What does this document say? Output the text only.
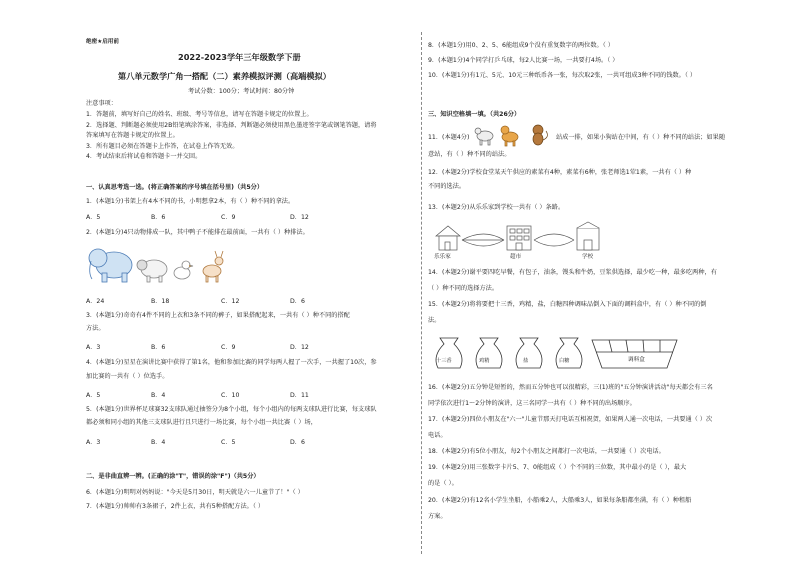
绝密★启用前
2022-2023学年三年级数学下册
第八单元数学广角一搭配（二）素养模拟评测（高端模拟）
考试分数：100分；考试时间：80分钟
注意事项：
1．答题前，填写好自己的姓名、班级、考号等信息，请写在答题卡规定的位置上。
2．选择题、判断题必须使用2B铅笔填涂答案，非选择、判断题必须使用黑色墨迹签字笔或钢笔答题，请将
答案填写在答题卡规定的位置上。
3．所有题目必须在答题卡上作答，在试卷上作答无效。
4．考试结束后将试卷和答题卡一并交回。
一、认真思考选一选。(将正确答案的序号填在括号里)（共5分）
1．(本题1分)书架上有4本不同的书，小明想拿2本，有（ ）种不同的拿法。
A．5	B．6	C．9	D．12
2．(本题1分)4只动物排成一队，其中鸭子不能排在最前面，一共有（ ）种排法。
A．24	B．18	C．12	D．6
3．(本题1分)奇奇有4件不同的上衣和3条不同的裤子，如果搭配起来，一共有（ ）种不同的搭配
方法。
A．3	B．6	C．9	D．12
4．(本题1分)星星在演讲比赛中获得了第1名，他和参加比赛的同学每两人握了一次手，一共握了10次，参
加比赛的一共有（ ）位选手。
A．5	B．4	C．10	D．11
5．(本题1分)世界杯足球赛32支球队通过抽签分为8个小组，每个小组内的每两支球队进行比赛，每支球队
都必须和同小组的其他三支球队进行且只进行一场比赛，每个小组一共比赛（ ）场，
A．3	B．4	C．5	D．6
二、是非曲直辨一辨。(正确的涂"T"，错误的涂"F")（共5分）
6．(本题1分)明明对妈妈说："今天是5月30日，明天就是六一儿童节了！"（ ）
7．(本题1分)帅帅有3条裙子，2件上衣，共有5种搭配方法。（ ）
8．(本题1分)用0、2、5、6能组成9个没有重复数字的两位数。（ ）
9．(本题1分)4个同学打乒乓球，每2人比赛一场，一共要打4场。（ ）
10．(本题1分)有1元、5元、10元三种纸币各一张，每次取2张，一共可组成3种不同的钱数。（ ）
三、知识空格填一填。（共26分）
11．(本题4分)	站成一排，如果小狗站在中间，有（ ）种不同的站法；如果随
意站，有（ ）种不同的站法。
12．(本题2分)学校食堂某天午供应的素菜有4种，素菜有6种，张老师选1荤1素，一共有（ ）种
不同的选法。
13．(本题2分)从乐乐家到学校一共有（ ）条路。
乐乐家	超市	学校
14．(本题2分)谢平要四吃早餐，有包子，油条，馒头和牛奶，豆浆供选择，最少吃一种，最多吃两种，有
（ ）种不同的选择方法。
15．(本题2分)将将要把十三香，鸡精，盐，白糖四种调味品倒入下面的调料盒中，有（ ）种不同的倒
法。
十三香	鸡精	盐	白糖	调料盒
16．(本题2分)五分钟是短暂的，然而五分钟也可以很精彩，三(1)班的"五分钟演讲活动"每天都会有三名
同学依次进行1～2分钟的演讲，这三名同学一共有（ ）种不同的出场顺序。
17．(本题2分)四位小朋友在"六一"儿童节那天打电话互相祝贺，如果两人通一次电话，一共要通（ ）次
电话。
18．(本题2分)有5位小朋友，每2个小朋友之间都打一次电话，一共要通（ ）次电话。
19．(本题2分)用三张数字卡片5、7、0能组成（ ）个不同的三位数，其中最小的是（ ），最大
的是（ ）。
20．(本题2分)有12名小学生坐船，小船乘2人，大船乘3人，如果每条船都坐满，有（ ）种租船
方案。
